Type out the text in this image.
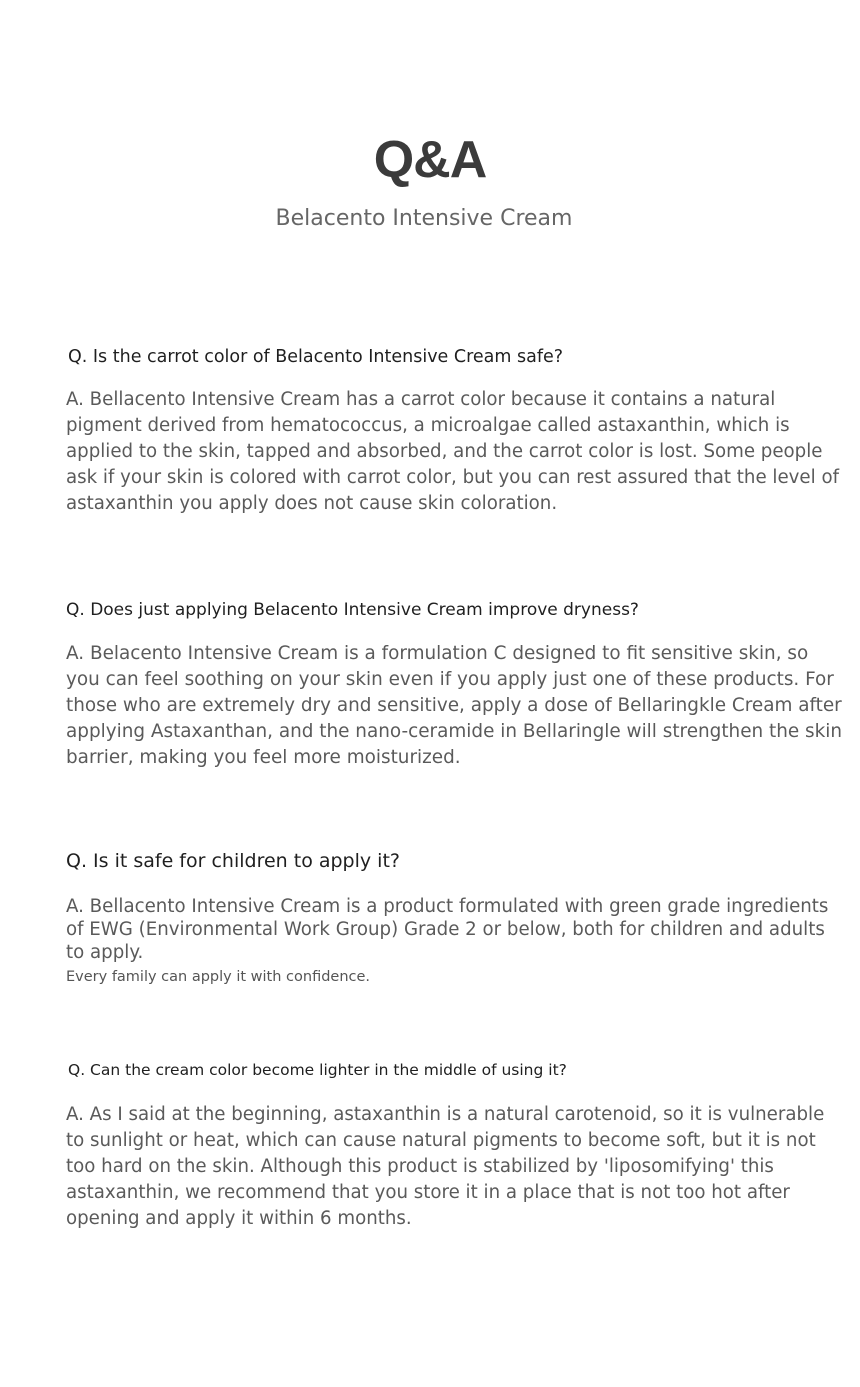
Q&A
Belacento Intensive Cream
Q. Is the carrot color of Belacento Intensive Cream safe?

A. Bellacento Intensive Cream has a carrot color because it contains a natural pigment derived from hematococcus, a microalgae called astaxanthin, which is applied to the skin, tapped and absorbed, and the carrot color is lost. Some people ask if your skin is colored with carrot color, but you can rest assured that the level of astaxanthin you apply does not cause skin coloration.

Q. Does just applying Belacento Intensive Cream improve dryness?

A. Belacento Intensive Cream is a formulation C designed to fit sensitive skin, so you can feel soothing on your skin even if you apply just one of these products. For those who are extremely dry and sensitive, apply a dose of Bellaringkle Cream after applying Astaxanthan, and the nano-ceramide in Bellaringle will strengthen the skin barrier, making you feel more moisturized.

Q. Is it safe for children to apply it?

A. Bellacento Intensive Cream is a product formulated with green grade ingredients of EWG (Environmental Work Group) Grade 2 or below, both for children and adults to apply.

Every family can apply it with confidence.
Q. Can the cream color become lighter in the middle of using it?

A. As I said at the beginning, astaxanthin is a natural carotenoid, so it is vulnerable to sunlight or heat, which can cause natural pigments to become soft, but it is not too hard on the skin. Although this product is stabilized by 'liposomifying' this astaxanthin, we recommend that you store it in a place that is not too hot after opening and apply it within 6 months.
